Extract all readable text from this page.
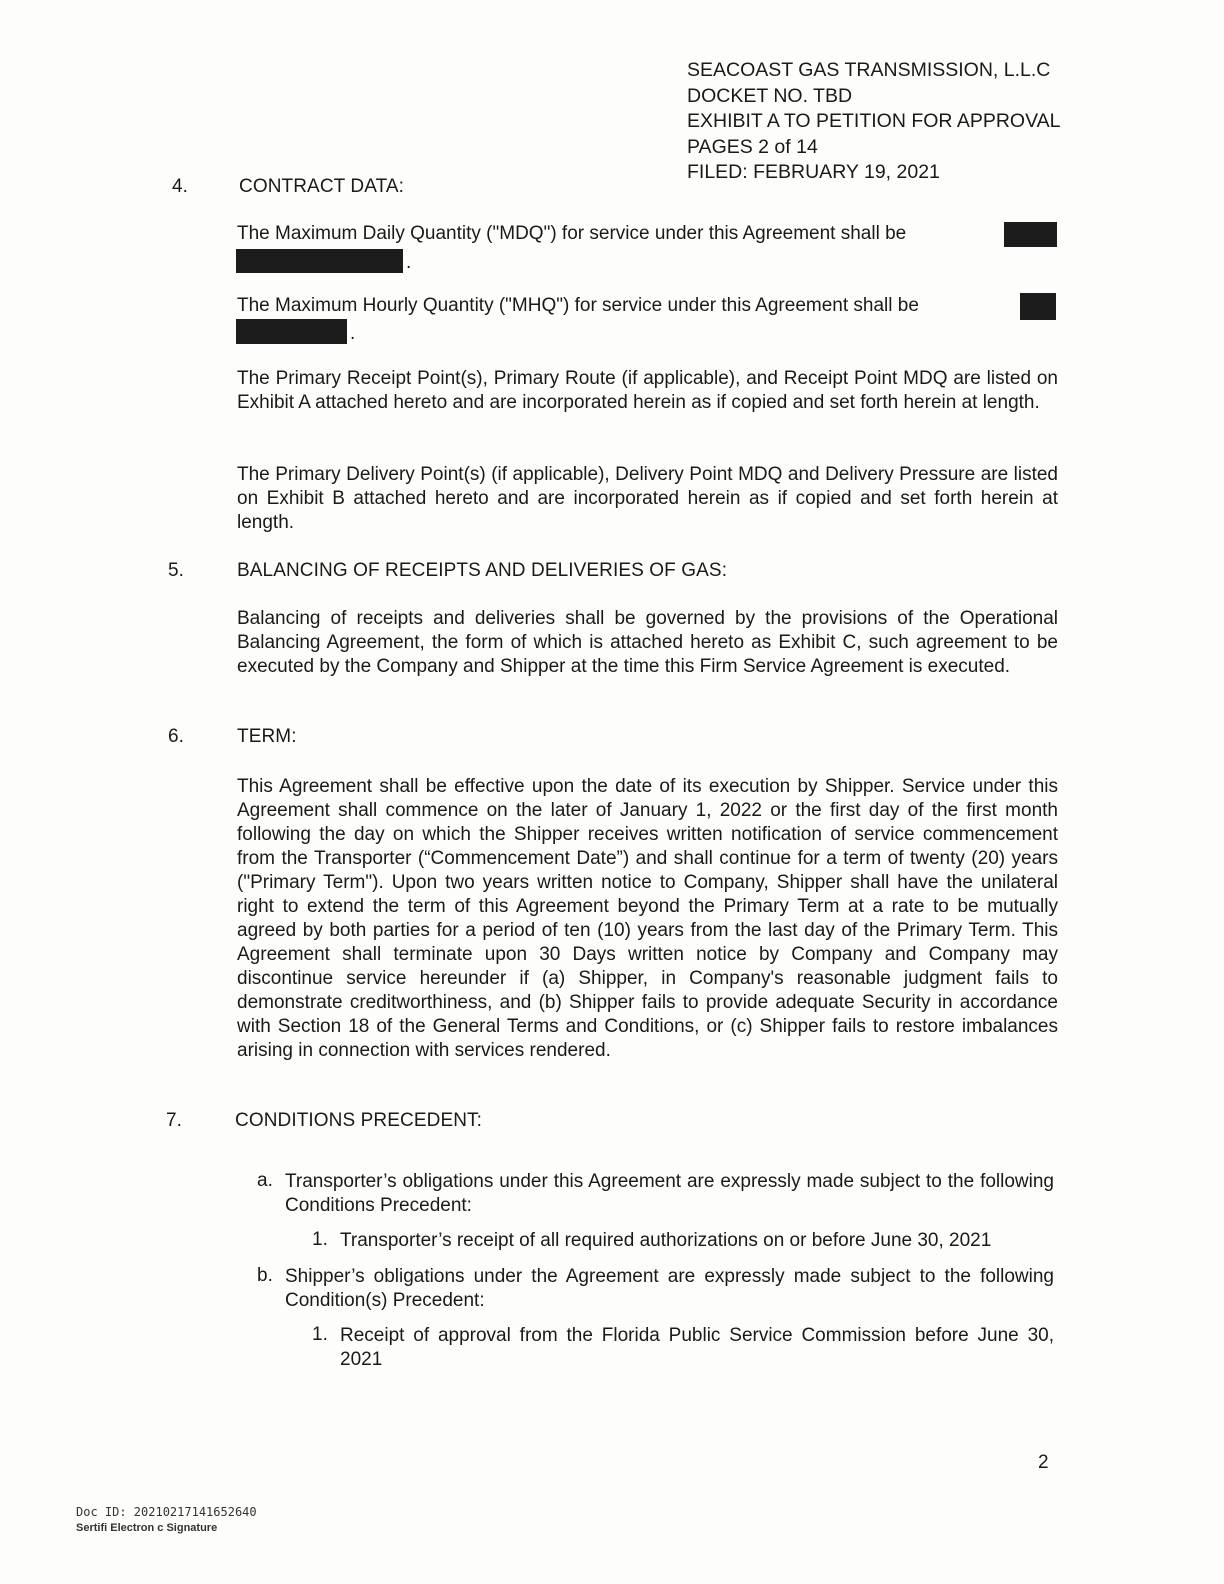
SEACOAST GAS TRANSMISSION, L.L.C
DOCKET NO. TBD
EXHIBIT A TO PETITION FOR APPROVAL
PAGES 2 of 14
FILED: FEBRUARY 19, 2021
4.	CONTRACT DATA:
The Maximum Daily Quantity ("MDQ") for service under this Agreement shall be
.
The Maximum Hourly Quantity ("MHQ") for service under this Agreement shall be
.
The Primary Receipt Point(s), Primary Route (if applicable), and Receipt Point MDQ are listed on Exhibit A attached hereto and are incorporated herein as if copied and set forth herein at length.
The Primary Delivery Point(s) (if applicable), Delivery Point MDQ and Delivery Pressure are listed on Exhibit B attached hereto and are incorporated herein as if copied and set forth herein at length.
5.	BALANCING OF RECEIPTS AND DELIVERIES OF GAS:
Balancing of receipts and deliveries shall be governed by the provisions of the Operational Balancing Agreement, the form of which is attached hereto as Exhibit C, such agreement to be executed by the Company and Shipper at the time this Firm Service Agreement is executed.
6.	TERM:
This Agreement shall be effective upon the date of its execution by Shipper. Service under this Agreement shall commence on the later of January 1, 2022 or the first day of the first month following the day on which the Shipper receives written notification of service commencement from the Transporter (“Commencement Date”) and shall continue for a term of twenty (20) years ("Primary Term"). Upon two years written notice to Company, Shipper shall have the unilateral right to extend the term of this Agreement beyond the Primary Term at a rate to be mutually agreed by both parties for a period of ten (10) years from the last day of the Primary Term. This Agreement shall terminate upon 30 Days written notice by Company and Company may discontinue service hereunder if (a) Shipper, in Company's reasonable judgment fails to demonstrate creditworthiness, and (b) Shipper fails to provide adequate Security in accordance with Section 18 of the General Terms and Conditions, or (c) Shipper fails to restore imbalances arising in connection with services rendered.
7.	CONDITIONS PRECEDENT:
a. Transporter’s obligations under this Agreement are expressly made subject to the following Conditions Precedent:
1. Transporter’s receipt of all required authorizations on or before June 30, 2021
b. Shipper’s obligations under the Agreement are expressly made subject to the following Condition(s) Precedent:
1. Receipt of approval from the Florida Public Service Commission before June 30, 2021
2
Doc ID: 20210217141652640
Sertifi Electron c Signature
